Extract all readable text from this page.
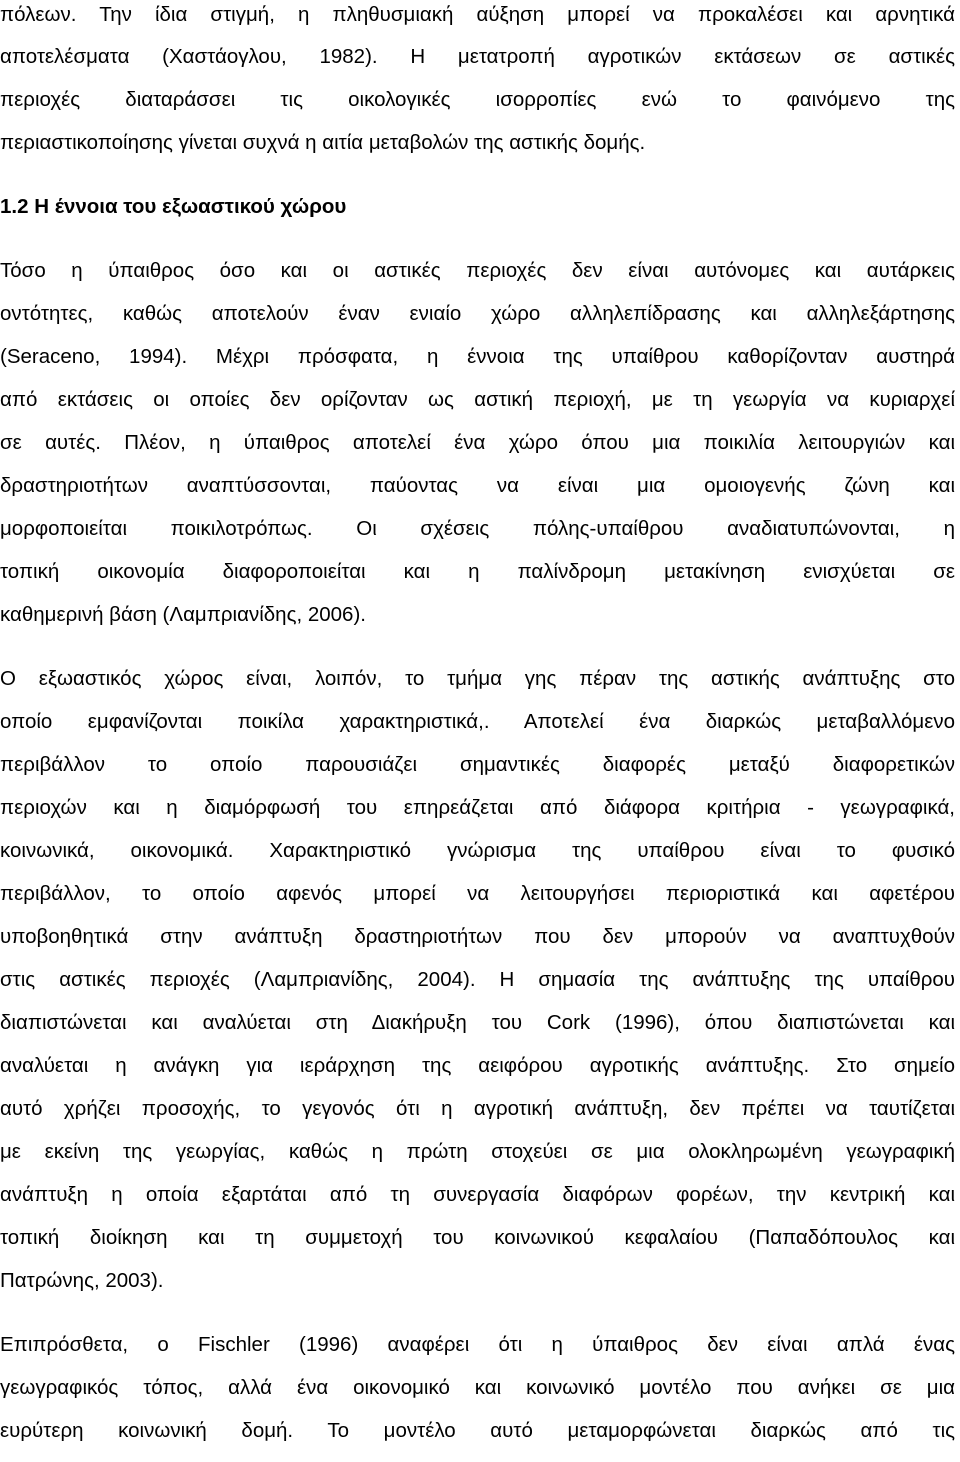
πόλεων. Την ίδια στιγμή, η πληθυσμιακή αύξηση μπορεί να προκαλέσει και αρνητικά
αποτελέσματα (Χαστάογλου, 1982). Η μετατροπή αγροτικών εκτάσεων σε αστικές
περιοχές διαταράσσει τις οικολογικές ισορροπίες ενώ το φαινόμενο της
περιαστικοποίησης γίνεται συχνά η αιτία μεταβολών της αστικής δομής.
1.2 Η έννοια του εξωαστικού χώρου
Τόσο η ύπαιθρος όσο και οι αστικές περιοχές δεν είναι αυτόνομες και αυτάρκεις
οντότητες, καθώς αποτελούν έναν ενιαίο χώρο αλληλεπίδρασης και αλληλεξάρτησης
(Seraceno, 1994). Μέχρι πρόσφατα, η έννοια της υπαίθρου καθορίζονταν αυστηρά
από εκτάσεις οι οποίες δεν ορίζονταν ως αστική περιοχή, με τη γεωργία να κυριαρχεί
σε αυτές. Πλέον, η ύπαιθρος αποτελεί ένα χώρο όπου μια ποικιλία λειτουργιών και
δραστηριοτήτων αναπτύσσονται, παύοντας να είναι μια ομοιογενής ζώνη και
μορφοποιείται ποικιλοτρόπως. Οι σχέσεις πόλης-υπαίθρου αναδιατυπώνονται, η
τοπική οικονομία διαφοροποιείται και η παλίνδρομη μετακίνηση ενισχύεται σε
καθημερινή βάση (Λαμπριανίδης, 2006).
Ο εξωαστικός χώρος είναι, λοιπόν, το τμήμα γης πέραν της αστικής ανάπτυξης στο
οποίο εμφανίζονται ποικίλα χαρακτηριστικά,. Αποτελεί ένα διαρκώς μεταβαλλόμενο
περιβάλλον το οποίο παρουσιάζει σημαντικές διαφορές μεταξύ διαφορετικών
περιοχών και η διαμόρφωσή του επηρεάζεται από διάφορα κριτήρια - γεωγραφικά,
κοινωνικά, οικονομικά. Χαρακτηριστικό γνώρισμα της υπαίθρου είναι το φυσικό
περιβάλλον, το οποίο αφενός μπορεί να λειτουργήσει περιοριστικά και αφετέρου
υποβοηθητικά στην ανάπτυξη δραστηριοτήτων που δεν μπορούν να αναπτυχθούν
στις αστικές περιοχές (Λαμπριανίδης, 2004). Η σημασία της ανάπτυξης της υπαίθρου
διαπιστώνεται και αναλύεται στη Διακήρυξη του Cork (1996), όπου διαπιστώνεται και
αναλύεται η ανάγκη για ιεράρχηση της αειφόρου αγροτικής ανάπτυξης. Στο σημείο
αυτό χρήζει προσοχής, το γεγονός ότι η αγροτική ανάπτυξη, δεν πρέπει να ταυτίζεται
με εκείνη της γεωργίας, καθώς η πρώτη στοχεύει σε μια ολοκληρωμένη γεωγραφική
ανάπτυξη η οποία εξαρτάται από τη συνεργασία διαφόρων φορέων, την κεντρική και
τοπική διοίκηση και τη συμμετοχή του κοινωνικού κεφαλαίου (Παπαδόπουλος και
Πατρώνης, 2003).
Επιπρόσθετα, ο Fischler (1996) αναφέρει ότι η ύπαιθρος δεν είναι απλά ένας
γεωγραφικός τόπος, αλλά ένα οικονομικό και κοινωνικό μοντέλο που ανήκει σε μια
ευρύτερη κοινωνική δομή. Το μοντέλο αυτό μεταμορφώνεται διαρκώς από τις
